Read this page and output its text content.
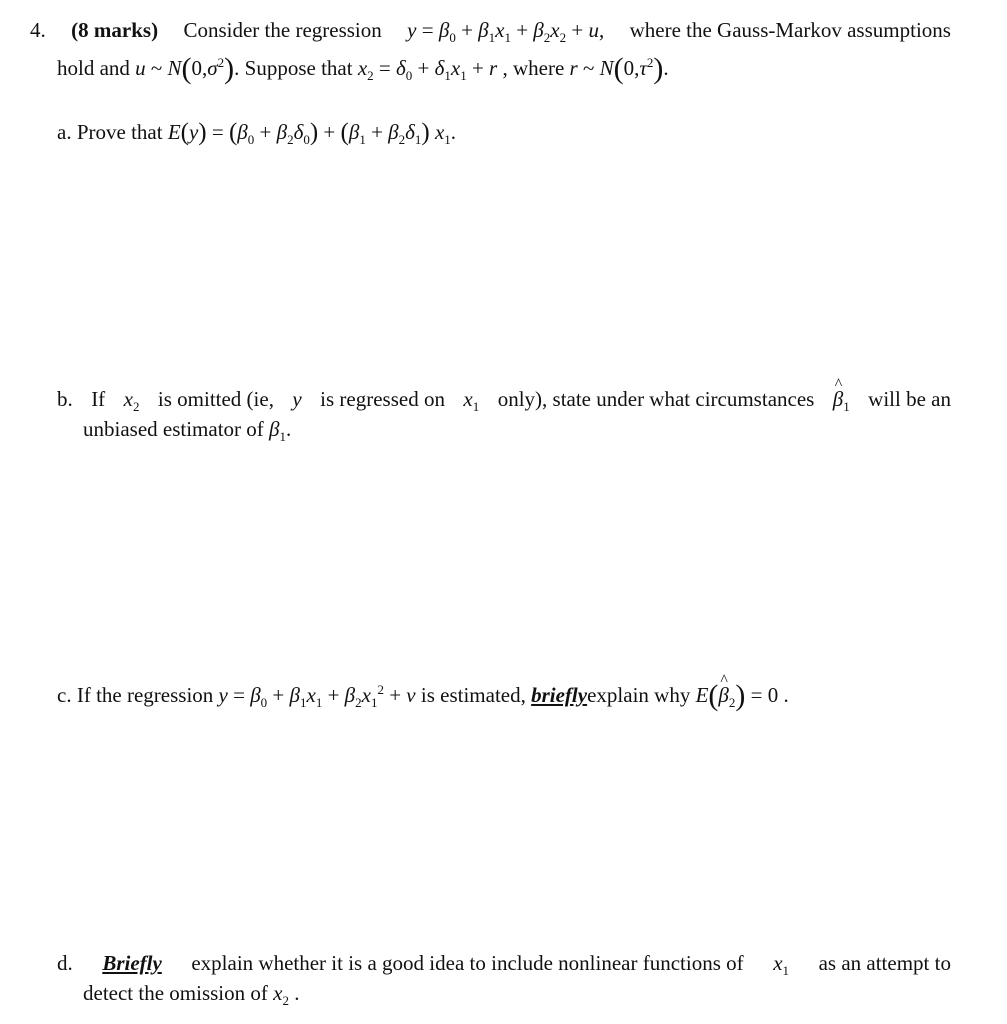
4. (8 marks) Consider the regression $y = \beta_0 + \beta_1x_1 + \beta_2x_2 + u$, where the Gauss-Markov assumptions
hold and u ~ $N(0,\sigma^2)$. Suppose that $x_2 = \delta_0 + \delta_1x_1 + r$ , where r ~ $N(0,\tau^2)$.
a. Prove that $E(y) = (\beta_0 + \beta_2\delta_0) + (\beta_1 + \beta_2\delta_1)$ $x_1$.
b. If $x_2$ is omitted (ie, y is regressed on $x_1$ only), state under what circumstances
^ $\beta_1$ will be an
unbiased estimator of $\beta_1$.
c. If the regression $y = \beta_0 + \beta_1x_1 + \beta_2x_1^2 + v$ is estimated, brieflyexplain why E(^ $\beta_2) = 0$ .
d. Briefly explain whether it is a good idea to include nonlinear functions of $x_1$ as an attempt to
detect the omission of $x_2$ .
